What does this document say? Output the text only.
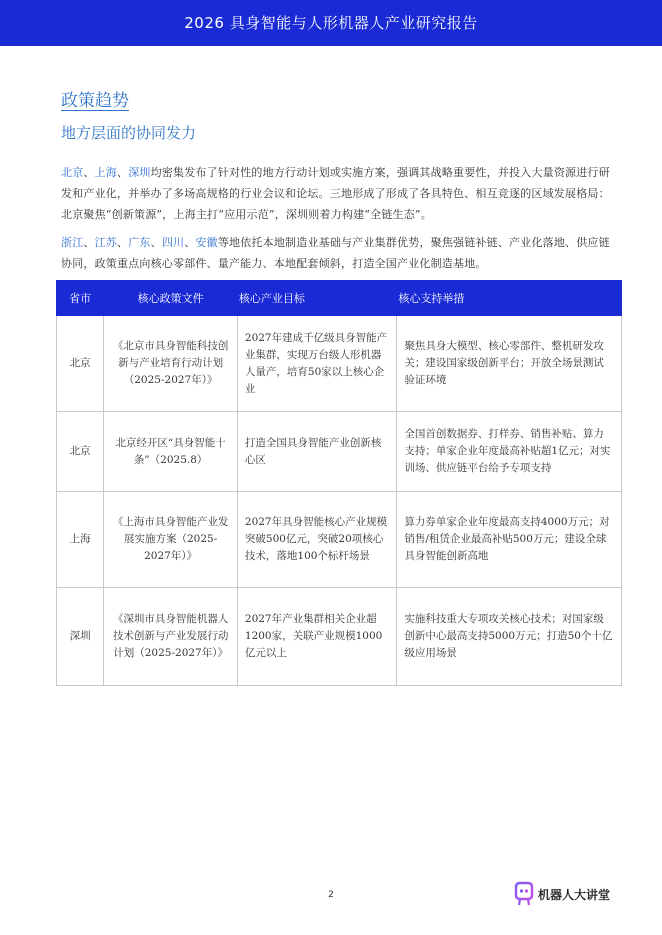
2026 具身智能与人形机器人产业研究报告
政策趋势
地方层面的协同发力
北京、上海、深圳均密集发布了针对性的地方行动计划或实施方案，强调其战略重要性，并投入大量资源进行研发和产业化，并举办了多场高规格的行业会议和论坛。三地形成了形成了各具特色、相互竞逐的区域发展格局：北京聚焦“创新策源”，上海主打“应用示范”，深圳则着力构建“全链生态”。
浙江、江苏、广东、四川、安徽等地依托本地制造业基础与产业集群优势，聚焦强链补链、产业化落地、供应链协同，政策重点向核心零部件、量产能力、本地配套倾斜，打造全国产业化制造基地。
省市	核心政策文件	核心产业目标	核心支持举措
北京	《北京市具身智能科技创新与产业培育行动计划（2025-2027年）》	2027年建成千亿级具身智能产业集群，实现万台级人形机器人量产，培育50家以上核心企业	聚焦具身大模型、核心零部件、整机研发攻关；建设国家级创新平台；开放全场景测试验证环境
北京	北京经开区“具身智能十条”（2025.8）	打造全国具身智能产业创新核心区	全国首创数据券、打样券、销售补贴、算力支持；单家企业年度最高补贴超1亿元；对实训场、供应链平台给予专项支持
上海	《上海市具身智能产业发展实施方案（2025-2027年）》	2027年具身智能核心产业规模突破500亿元，突破20项核心技术，落地100个标杆场景	算力券单家企业年度最高支持4000万元；对销售/租赁企业最高补贴500万元；建设全球具身智能创新高地
深圳	《深圳市具身智能机器人技术创新与产业发展行动计划（2025-2027年）》	2027年产业集群相关企业超1200家，关联产业规模1000亿元以上	实施科技重大专项攻关核心技术；对国家级创新中心最高支持5000万元；打造50个十亿级应用场景
2	机器人大讲堂
